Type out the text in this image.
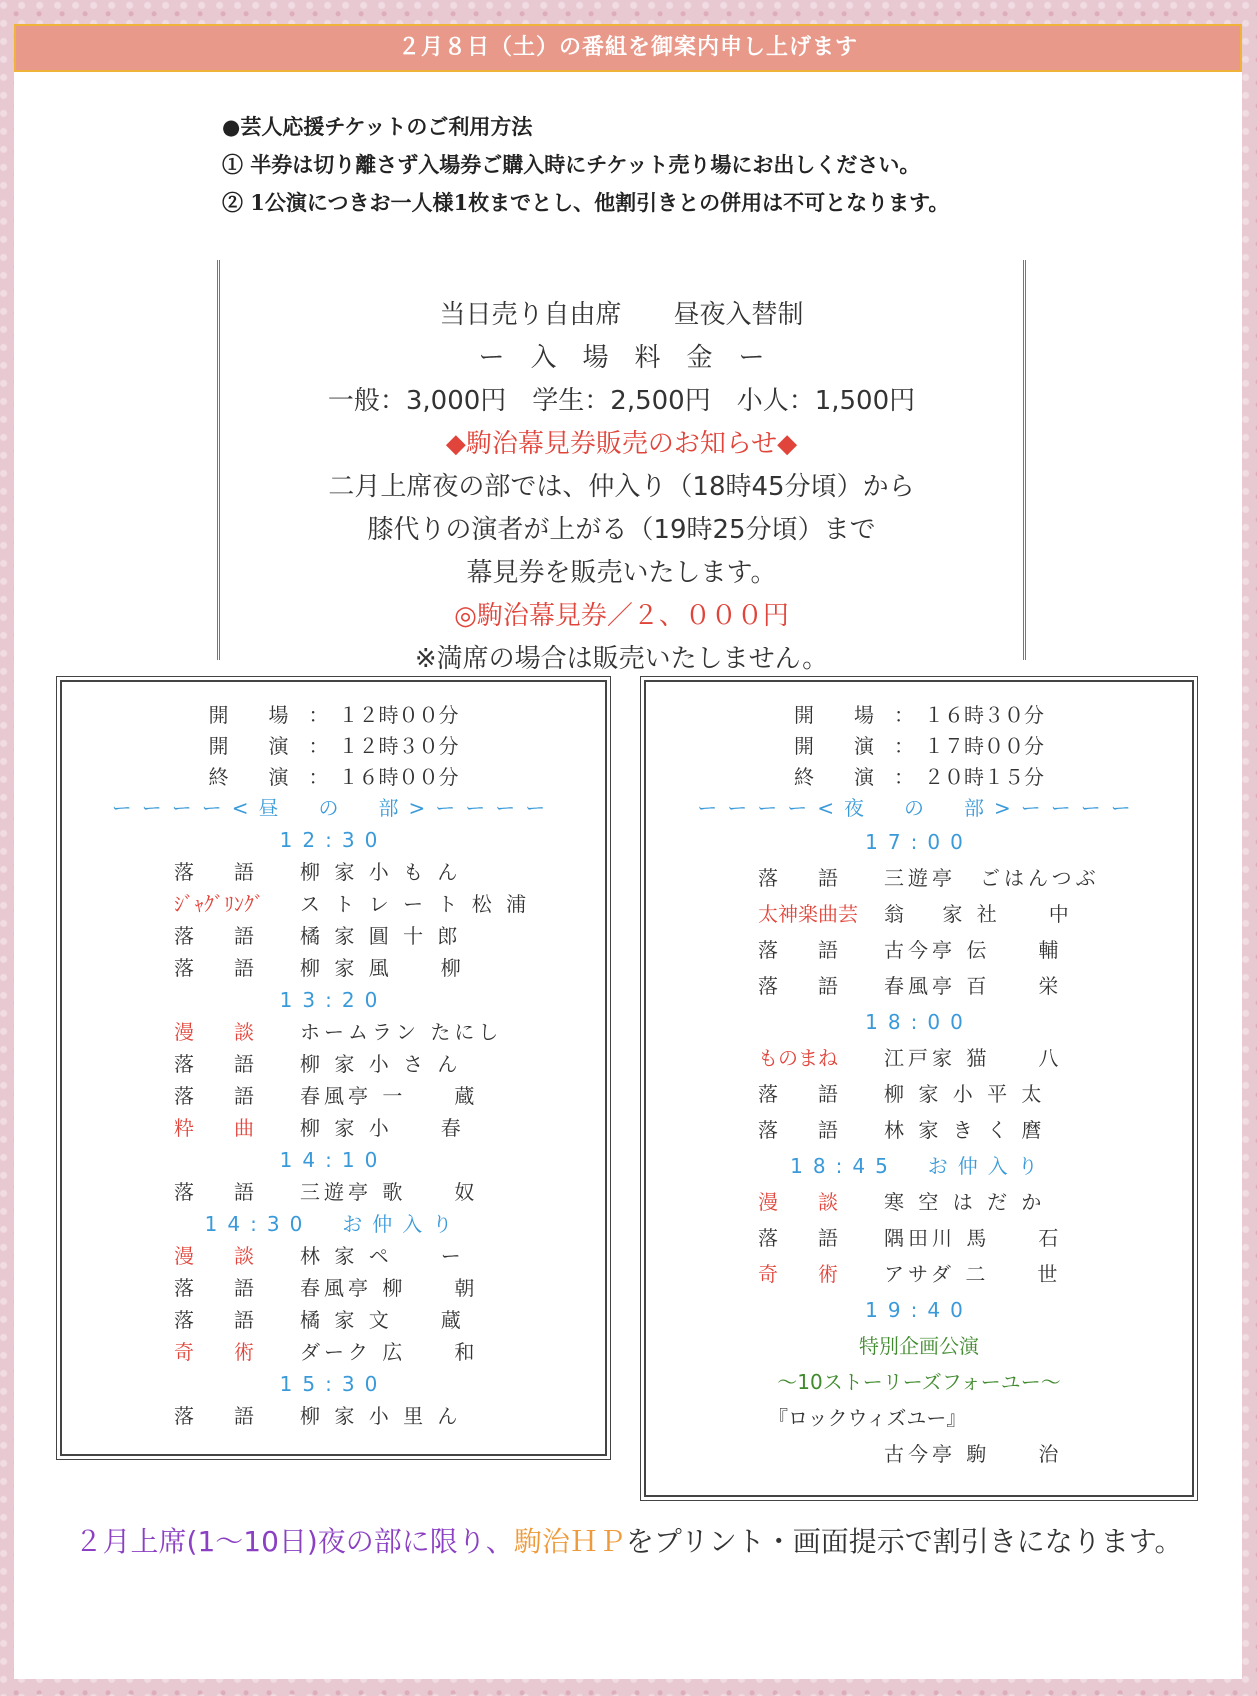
２月８日（土）の番組を御案内申し上げます
●芸人応援チケットのご利用方法
① 半券は切り離さず入場券ご購入時にチケット売り場にお出しください。
② 1公演につきお一人様1枚までとし、他割引きとの併用は不可となります。
当日売り自由席　　昼夜入替制
ー　入　場　料　金　ー
一般：3,000円　学生：2,500円　小人：1,500円
◆駒治幕見券販売のお知らせ◆
二月上席夜の部では、仲入り（18時45分頃）から
膝代りの演者が上がる（19時25分頃）まで
幕見券を販売いたします。
◎駒治幕見券／２、０００円
※満席の場合は販売いたしません。
開　　場　：　１２時００分
開　　演　：　１２時３０分
終　　演　：　１６時００分
ーーーー<昼　の　部>ーーーー
12:30
落　　語 柳 家 小 も ん
ｼﾞｬｸﾞﾘﾝｸﾞ ス ト レ ー ト 松 浦
落　　語 橘 家 圓 十 郎
落　　語 柳 家 風　　柳
13:20
漫　　談 ホームラン たにし
落　　語 柳 家 小 さ ん
落　　語 春風亭 一　　蔵
粋　　曲 柳 家 小　　春
14:10
落　　語 三遊亭 歌　　奴
14:30　お仲入り
漫　　談 林 家 ペ　　ー
落　　語 春風亭 柳　　朝
落　　語 橘 家 文　　蔵
奇　　術 ダーク 広　　和
15:30
落　　語 柳 家 小 里 ん
開　　場　：　１６時３０分
開　　演　：　１７時００分
終　　演　：　２０時１５分
ーーーー<夜　の　部>ーーーー
17:00
落　　語 三遊亭　ごはんつぶ
太神楽曲芸 翁　 家 社　　中
落　　語 古今亭 伝　　輔
落　　語 春風亭 百　　栄
18:00
ものまね 江戸家 猫　　八
落　　語 柳 家 小 平 太
落　　語 林 家 き く 麿
18:45　お仲入り
漫　　談 寒 空 は だ か
落　　語 隅田川 馬　　石
奇　　術 アサダ 二　　世
19:40
特別企画公演
〜10ストーリーズフォーユー〜
『ロックウィズユー』
古今亭 駒　　治
２月上席(1〜10日)夜の部に限り、駒治ＨＰをプリント・画面提示で割引きになります。
